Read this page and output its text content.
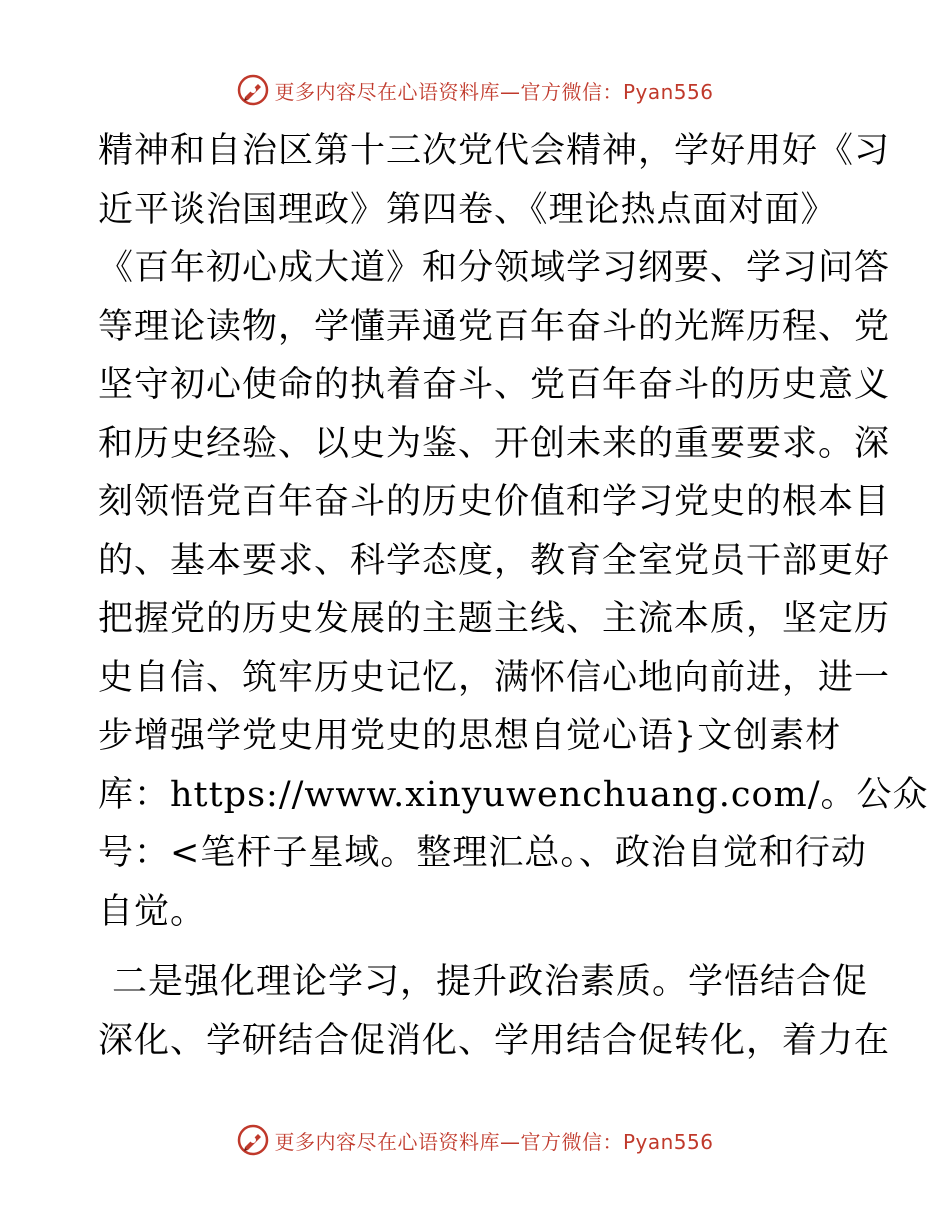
更多内容尽在心语资料库—官方微信：Pyan556
精神和自治区第十三次党代会精神，学好用好《习
近平谈治国理政》第四卷、《理论热点面对面》
《百年初心成大道》和分领域学习纲要、学习问答
等理论读物，学懂弄通党百年奋斗的光辉历程、党
坚守初心使命的执着奋斗、党百年奋斗的历史意义
和历史经验、以史为鉴、开创未来的重要要求。深
刻领悟党百年奋斗的历史价值和学习党史的根本目
的、基本要求、科学态度，教育全室党员干部更好
把握党的历史发展的主题主线、主流本质，坚定历
史自信、筑牢历史记忆，满怀信心地向前进，进一
步增强学党史用党史的思想自觉心语}文创素材
库：https://www.xinyuwenchuang.com/。公众
号：<笔杆子星域。整理汇总。、政治自觉和行动
自觉。
二是强化理论学习，提升政治素质。学悟结合促
深化、学研结合促消化、学用结合促转化，着力在
更多内容尽在心语资料库—官方微信：Pyan556
